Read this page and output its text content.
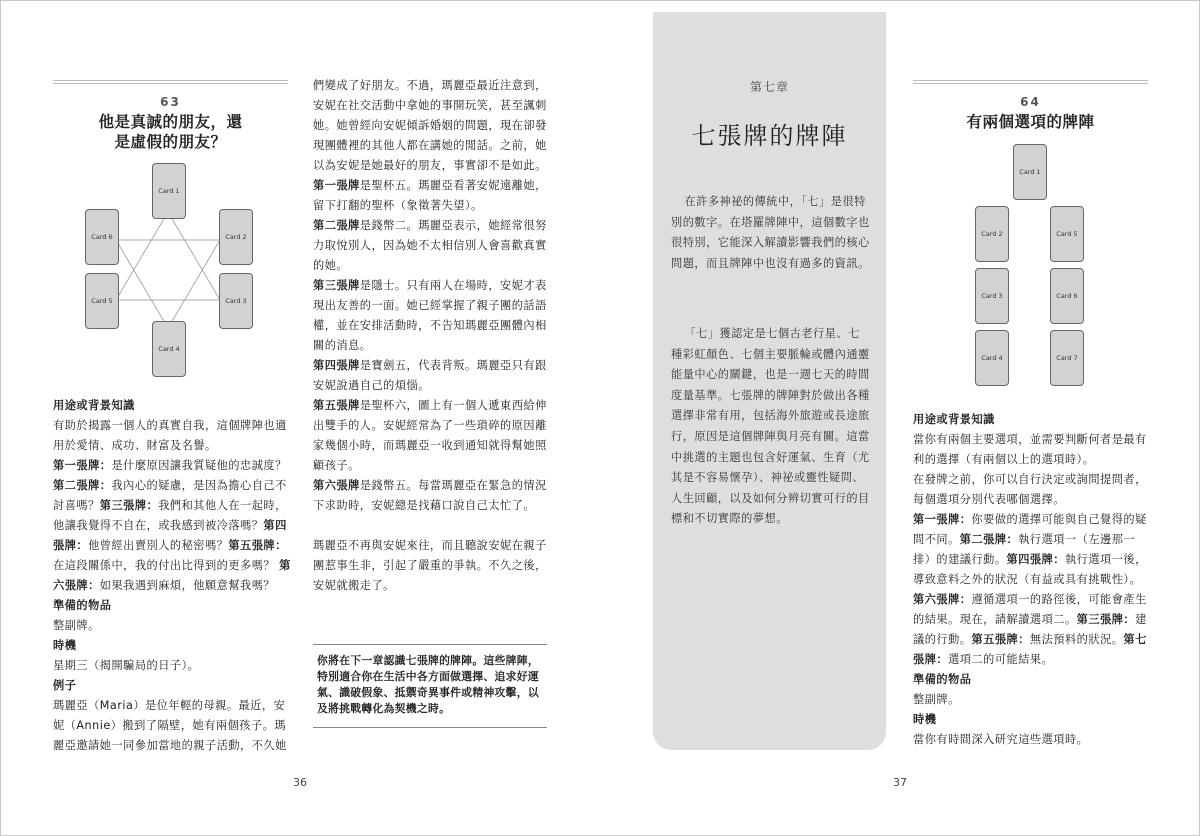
63
他是真誠的朋友，還
是虛假的朋友？
Card 1
Card 2
Card 3
Card 4
Card 5
Card 6

用途或背景知識

有助於揭露一個人的真實自我，這個牌陣也適用於愛情、成功、財富及名譽。

第一張牌：是什麼原因讓我質疑他的忠誠度？ 第二張牌：我內心的疑慮，是因為擔心自己不討喜嗎？第三張牌：我們和其他人在一起時，他讓我覺得不自在，或我感到被冷落嗎？第四張牌：他曾經出賣別人的秘密嗎？第五張牌：在這段關係中，我的付出比得到的更多嗎？ 第六張牌：如果我遇到麻煩，他願意幫我嗎？

準備的物品

整副牌。

時機

星期三（揭開騙局的日子）。

例子

瑪麗亞（Maria）是位年輕的母親。最近，安妮（Annie）搬到了隔壁，她有兩個孩子。瑪麗亞邀請她一同參加當地的親子活動，不久她

們變成了好朋友。不過，瑪麗亞最近注意到，安妮在社交活動中拿她的事開玩笑，甚至諷刺她。她曾經向安妮傾訴婚姻的問題，現在卻發現團體裡的其他人都在講她的閒話。之前，她以為安妮是她最好的朋友，事實卻不是如此。

第一張牌是聖杯五。瑪麗亞看著安妮遠離她，留下打翻的聖杯（象徵著失望）。

第二張牌是錢幣二。瑪麗亞表示，她經常很努力取悅別人，因為她不太相信別人會喜歡真實的她。

第三張牌是隱士。只有兩人在場時，安妮才表現出友善的一面。她已經掌握了親子團的話語權，並在安排活動時，不告知瑪麗亞團體內相關的消息。

第四張牌是寶劍五，代表背叛。瑪麗亞只有跟安妮說過自己的煩惱。

第五張牌是聖杯六，圖上有一個人遞東西給伸出雙手的人。安妮經常為了一些瑣碎的原因離家幾個小時，而瑪麗亞一收到通知就得幫她照顧孩子。

第六張牌是錢幣五。每當瑪麗亞在緊急的情況下求助時，安妮總是找藉口說自己太忙了。

瑪麗亞不再與安妮來往，而且聽說安妮在親子團惹事生非，引起了嚴重的爭執。不久之後，安妮就搬走了。

你將在下一章認識七張牌的牌陣。這些牌陣，特別適合你在生活中各方面做選擇、追求好運氣、識破假象、抵禦奇異事件或精神攻擊，以及將挑戰轉化為契機之時。
第七章
七張牌的牌陣

在許多神祕的傳統中，「七」是很特別的數字。在塔羅牌陣中，這個數字也很特別，它能深入解讀影響我們的核心問題，而且牌陣中也沒有過多的資訊。

「七」獲認定是七個古老行星、七種彩虹顏色、七個主要脈輪或體內通靈能量中心的關鍵，也是一週七天的時間度量基準。七張牌的牌陣對於做出各種選擇非常有用，包括海外旅遊或長途旅行，原因是這個牌陣與月亮有關。這當中挑選的主題也包含好運氣、生育（尤其是不容易懷孕）、神祕或靈性疑問、人生回顧，以及如何分辨切實可行的目標和不切實際的夢想。

64
有兩個選項的牌陣
Card 1
Card 2
Card 3
Card 4
Card 5
Card 6
Card 7

用途或背景知識

當你有兩個主要選項，並需要判斷何者是最有利的選擇（有兩個以上的選項時）。

在發牌之前，你可以自行決定或詢問提問者，每個選項分別代表哪個選擇。

第一張牌：你要做的選擇可能與自己覺得的疑問不同。第二張牌：執行選項一（左邊那一排）的建議行動。第四張牌：執行選項一後，導致意料之外的狀況（有益或具有挑戰性）。

第六張牌：遵循選項一的路徑後，可能會產生的結果。現在，請解讀選項二。第三張牌：建議的行動。第五張牌：無法預料的狀況。第七張牌：選項二的可能結果。

準備的物品

整副牌。

時機

當你有時間深入研究這些選項時。

36	37
